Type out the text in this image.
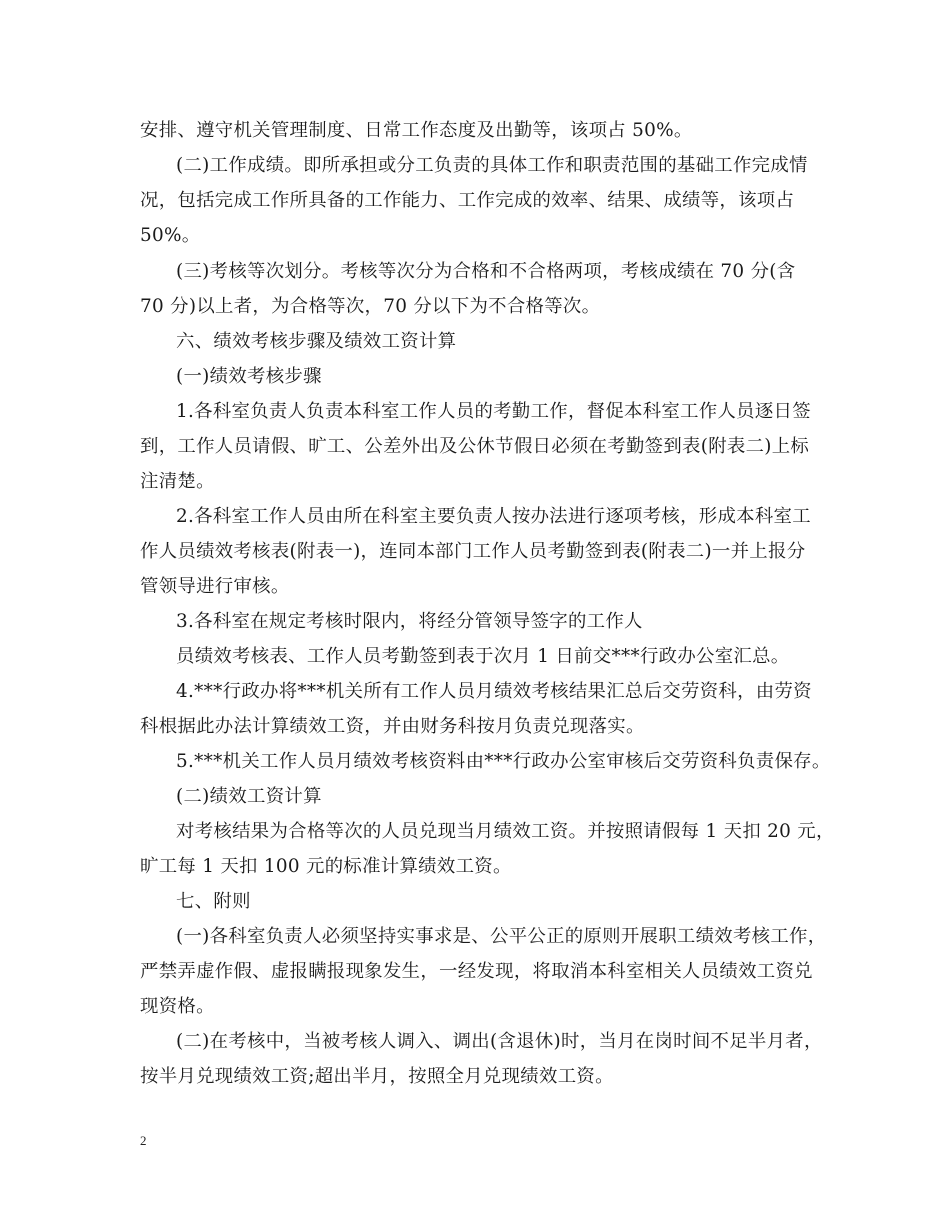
安排、遵守机关管理制度、日常工作态度及出勤等，该项占 50%。
(二)工作成绩。即所承担或分工负责的具体工作和职责范围的基础工作完成情
况，包括完成工作所具备的工作能力、工作完成的效率、结果、成绩等，该项占
50%。
(三)考核等次划分。考核等次分为合格和不合格两项，考核成绩在 70 分(含
70 分)以上者，为合格等次，70 分以下为不合格等次。
六、绩效考核步骤及绩效工资计算
(一)绩效考核步骤
1.各科室负责人负责本科室工作人员的考勤工作，督促本科室工作人员逐日签
到，工作人员请假、旷工、公差外出及公休节假日必须在考勤签到表(附表二)上标
注清楚。
2.各科室工作人员由所在科室主要负责人按办法进行逐项考核，形成本科室工
作人员绩效考核表(附表一)，连同本部门工作人员考勤签到表(附表二)一并上报分
管领导进行审核。
3.各科室在规定考核时限内，将经分管领导签字的工作人
员绩效考核表、工作人员考勤签到表于次月 1 日前交***行政办公室汇总。
4.***行政办将***机关所有工作人员月绩效考核结果汇总后交劳资科，由劳资
科根据此办法计算绩效工资，并由财务科按月负责兑现落实。
5.***机关工作人员月绩效考核资料由***行政办公室审核后交劳资科负责保存。
(二)绩效工资计算
对考核结果为合格等次的人员兑现当月绩效工资。并按照请假每 1 天扣 20 元，
旷工每 1 天扣 100 元的标准计算绩效工资。
七、附则
(一)各科室负责人必须坚持实事求是、公平公正的原则开展职工绩效考核工作，
严禁弄虚作假、虚报瞒报现象发生，一经发现，将取消本科室相关人员绩效工资兑
现资格。
(二)在考核中，当被考核人调入、调出(含退休)时，当月在岗时间不足半月者，
按半月兑现绩效工资;超出半月，按照全月兑现绩效工资。
2
